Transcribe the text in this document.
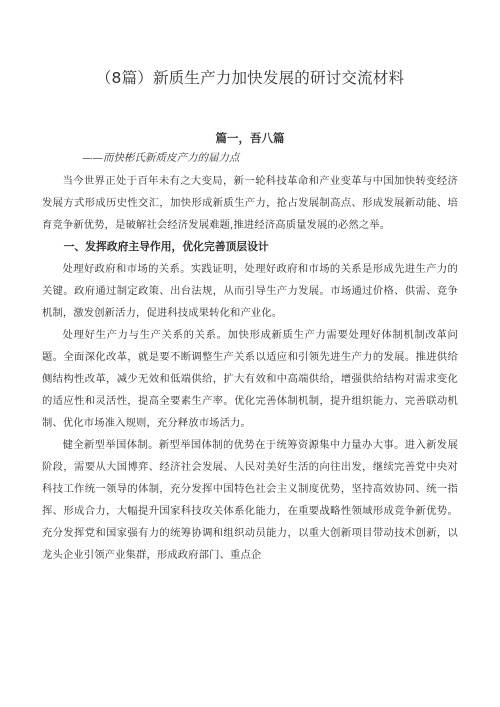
（8篇）新质生产力加快发展的研讨交流材料
篇一，吾八篇
——而快彬氏新质皮产力的届力点

当今世界正处于百年未有之大变局，新一轮科技革命和产业变革与中国加快转变经济发展方式形成历史性交汇，加快形成新质生产力，抢占发展制高点、形成发展新动能、培育竞争新优势，是破解社会经济发展难题,推进经济高质量发展的必然之举。

一、发挥政府主导作用，优化完善顶层设计

处理好政府和市场的关系。实践证明，处理好政府和市场的关系是形成先进生产力的关键。政府通过制定政策、出台法规，从而引导生产力发展。市场通过价格、供需、竞争机制，激发创新活力，促进科技成果转化和产业化。

处理好生产力与生产关系的关系。加快形成新质生产力需要处理好体制机制改革问题。全面深化改革，就是要不断调整生产关系以适应和引领先进生产力的发展。推进供给侧结构性改革，减少无效和低端供给，扩大有效和中高端供给，增强供给结构对需求变化的适应性和灵活性，提高全要素生产率。优化完善体制机制，提升组织能力、完善联动机制、优化市场准入规则，充分释放市场活力。

健全新型举国体制。新型举国体制的优势在于统筹资源集中力量办大事。进入新发展阶段，需要从大国博弈、经济社会发展、人民对美好生活的向往出发，继续完善党中央对科技工作统一领导的体制，充分发挥中国特色社会主义制度优势，坚持高效协同、统一指挥、形成合力，大幅提升国家科技攻关体系化能力，在重要战略性领域形成竞争新优势。充分发挥党和国家强有力的统筹协调和组织动员能力，以重大创新项目带动技术创新，以龙头企业引领产业集群，形成政府部门、重点企
